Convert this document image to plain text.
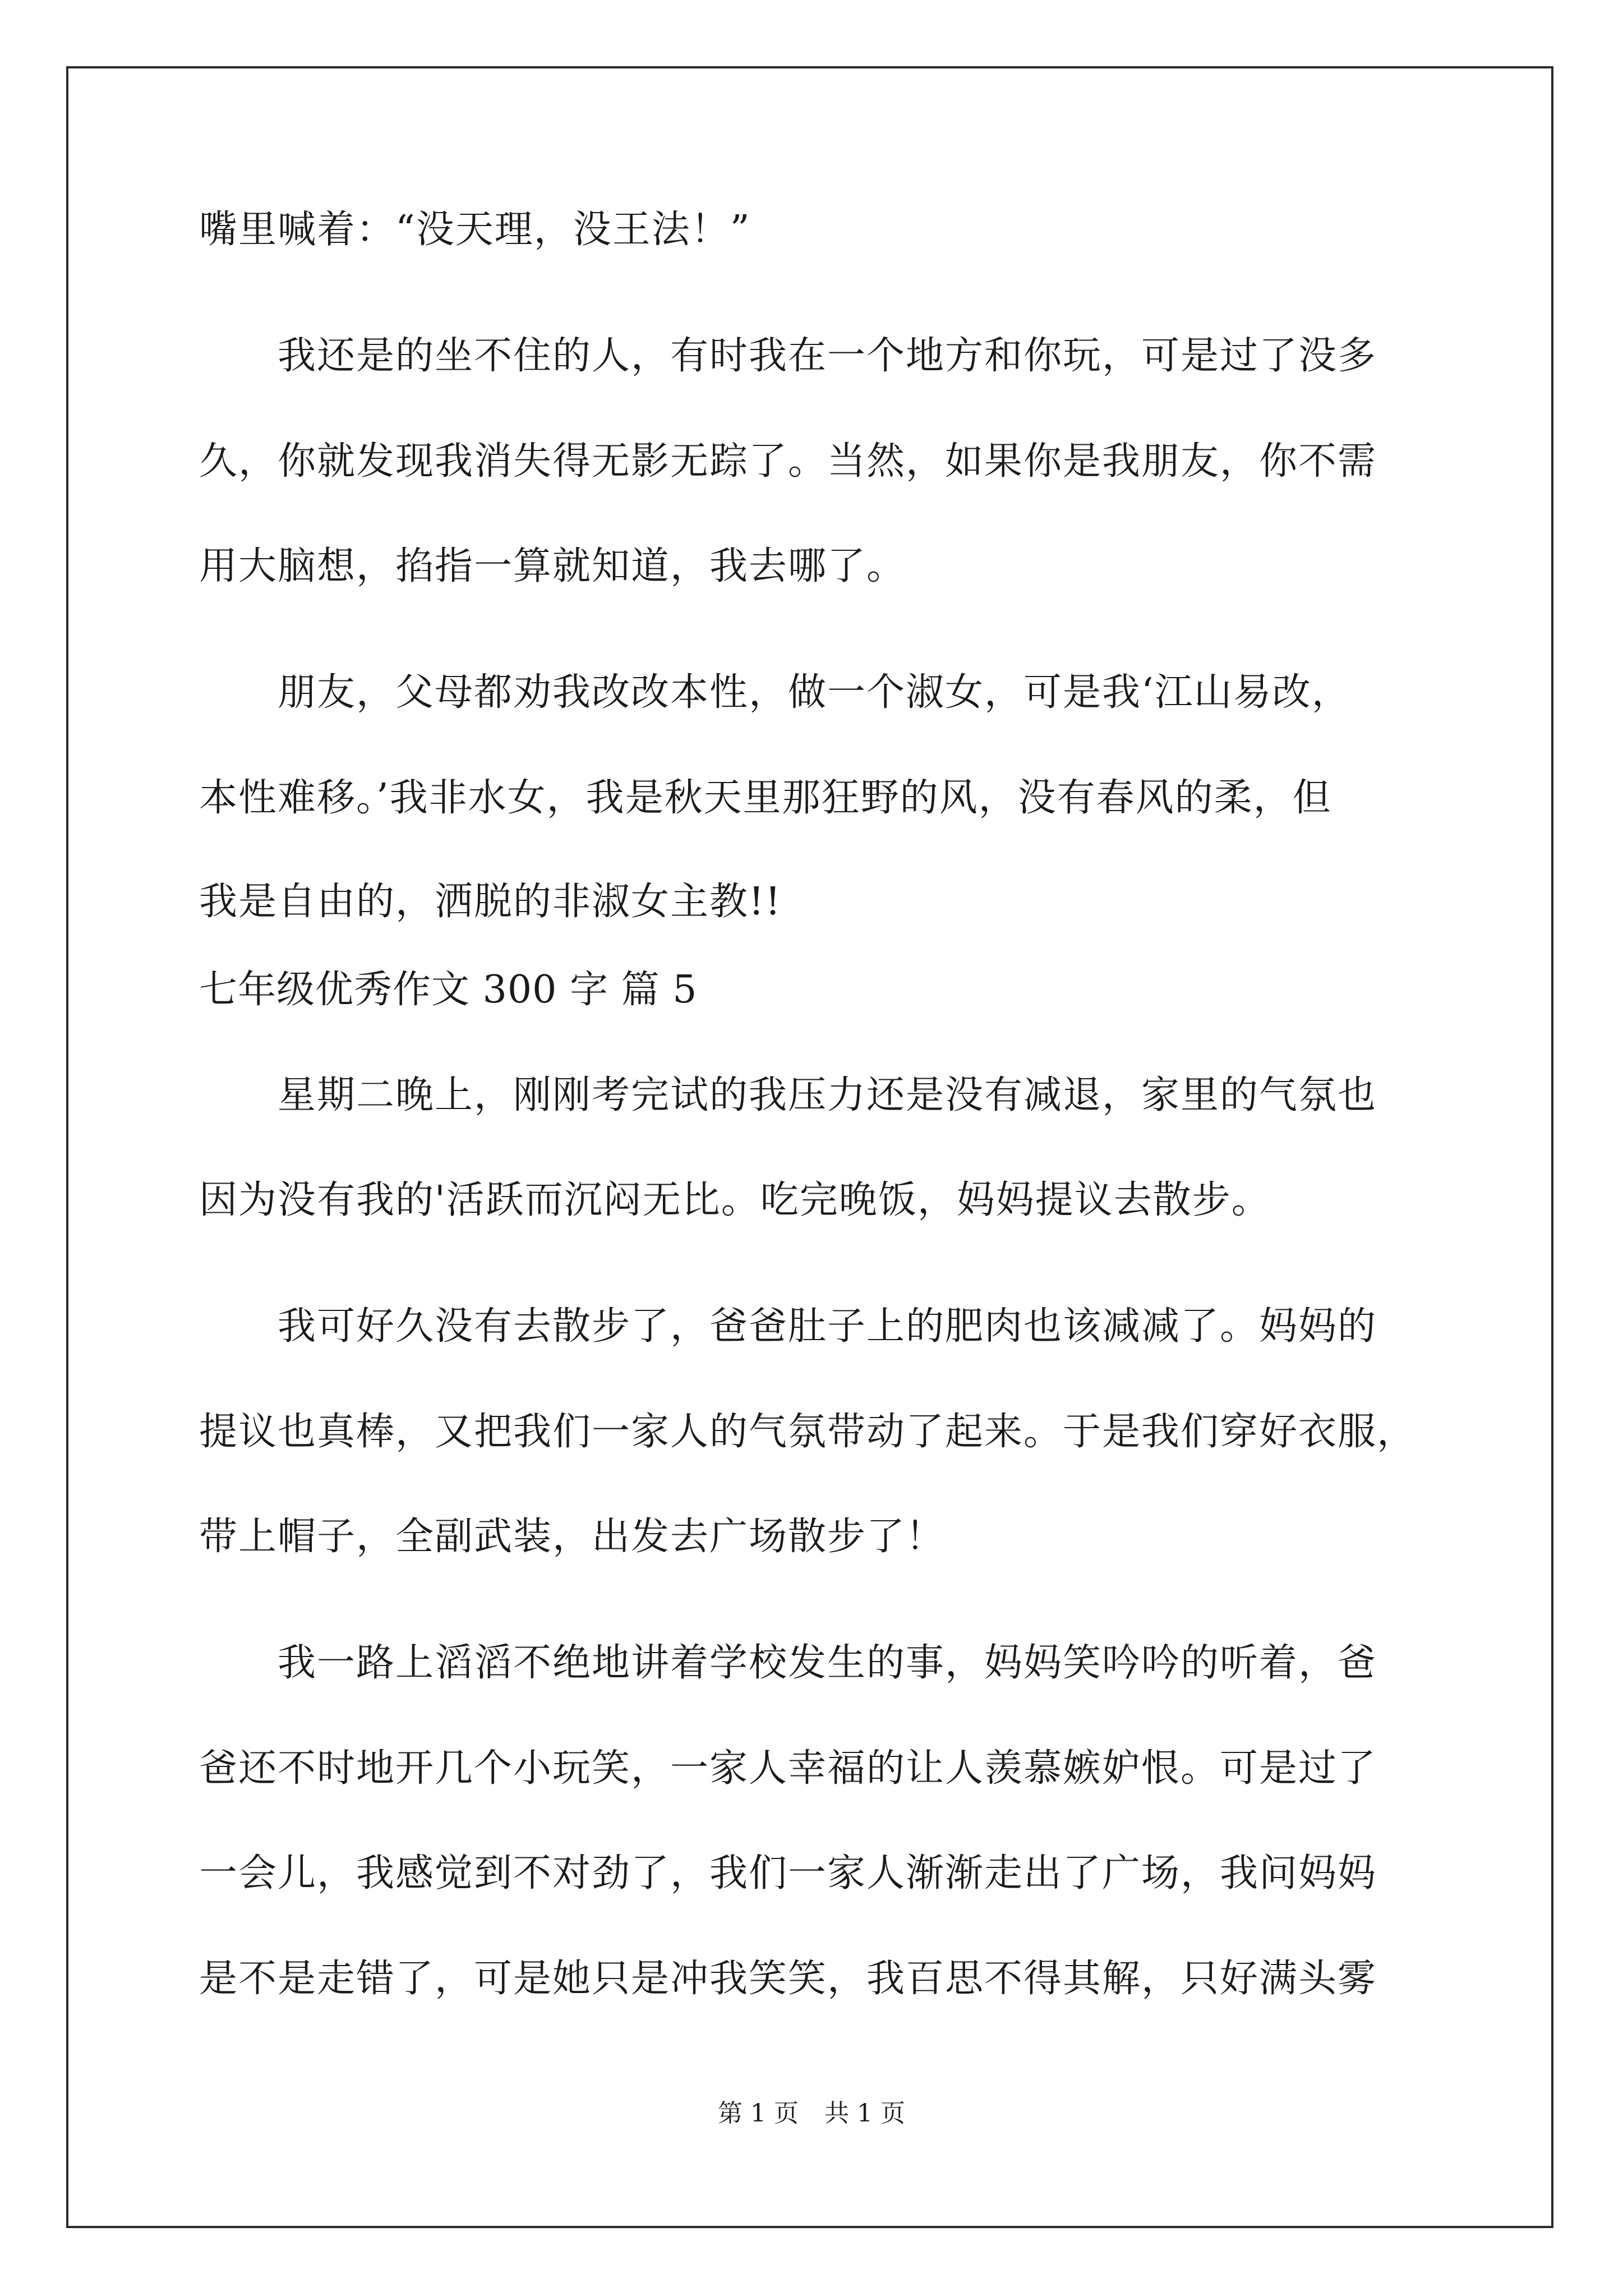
嘴里喊着：“没天理，没王法！”
　　我还是的坐不住的人，有时我在一个地方和你玩，可是过了没多
久，你就发现我消失得无影无踪了。当然，如果你是我朋友，你不需
用大脑想，掐指一算就知道，我去哪了。
　　朋友，父母都劝我改改本性，做一个淑女，可是我‘江山易改，
本性难移。’我非水女，我是秋天里那狂野的风，没有春风的柔，但
我是自由的，洒脱的非淑女主教!!
七年级优秀作文 300 字 篇 5
　　星期二晚上，刚刚考完试的我压力还是没有减退，家里的气氛也
因为没有我的'活跃而沉闷无比。吃完晚饭，妈妈提议去散步。
　　我可好久没有去散步了，爸爸肚子上的肥肉也该减减了。妈妈的
提议也真棒，又把我们一家人的气氛带动了起来。于是我们穿好衣服，
带上帽子，全副武装，出发去广场散步了！
　　我一路上滔滔不绝地讲着学校发生的事，妈妈笑吟吟的听着，爸
爸还不时地开几个小玩笑，一家人幸福的让人羡慕嫉妒恨。可是过了
一会儿，我感觉到不对劲了，我们一家人渐渐走出了广场，我问妈妈
是不是走错了，可是她只是冲我笑笑，我百思不得其解，只好满头雾
第 1 页 共 1 页
